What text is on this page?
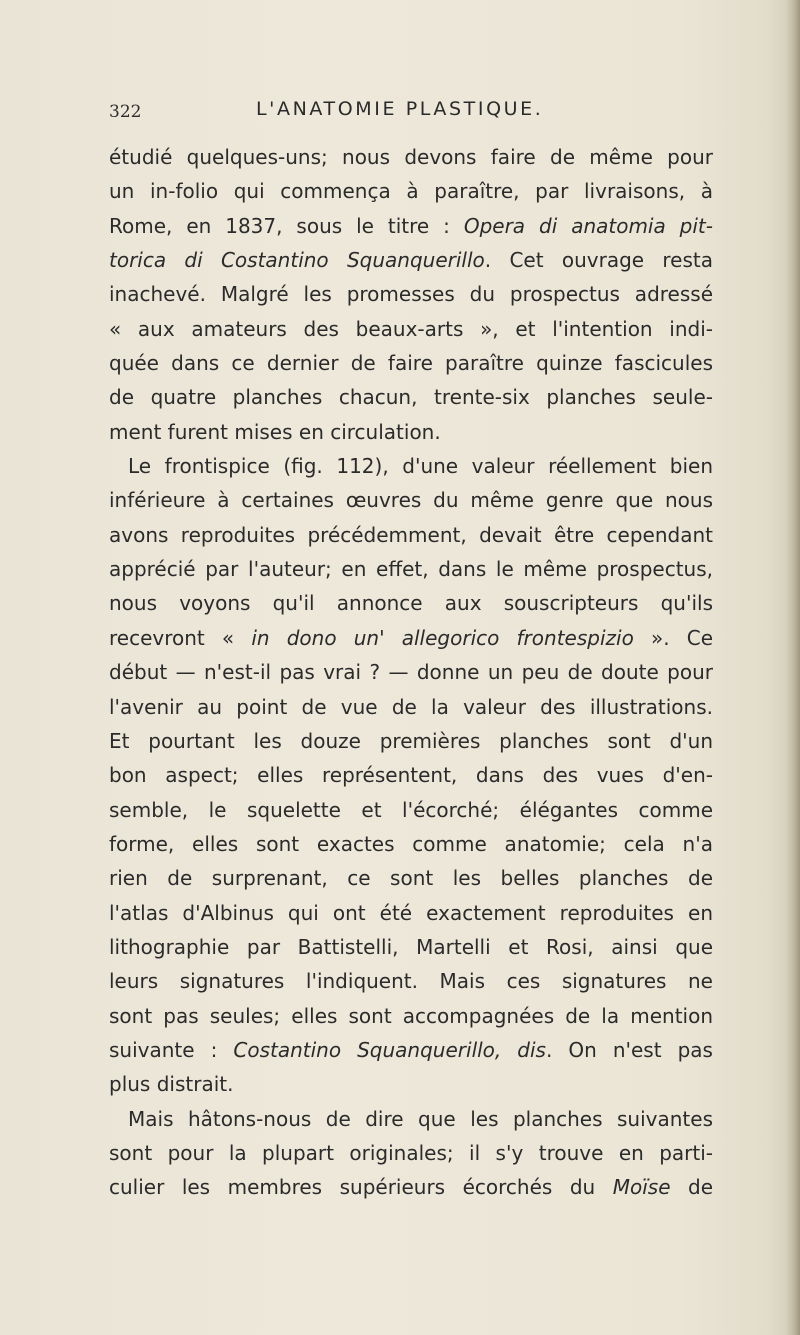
322	L'ANATOMIE PLASTIQUE.
étudié quelques-uns; nous devons faire de même pour
un in-folio qui commença à paraître, par livraisons, à
Rome, en 1837, sous le titre : Opera di anatomia pit-
torica di Costantino Squanquerillo. Cet ouvrage resta
inachevé. Malgré les promesses du prospectus adressé
« aux amateurs des beaux-arts », et l'intention indi-
quée dans ce dernier de faire paraître quinze fascicules
de quatre planches chacun, trente-six planches seule-
ment furent mises en circulation.
Le frontispice (fig. 112), d'une valeur réellement bien
inférieure à certaines œuvres du même genre que nous
avons reproduites précédemment, devait être cependant
apprécié par l'auteur; en effet, dans le même prospectus,
nous voyons qu'il annonce aux souscripteurs qu'ils
recevront « in dono un' allegorico frontespizio ». Ce
début — n'est-il pas vrai ? — donne un peu de doute pour
l'avenir au point de vue de la valeur des illustrations.
Et pourtant les douze premières planches sont d'un
bon aspect; elles représentent, dans des vues d'en-
semble, le squelette et l'écorché; élégantes comme
forme, elles sont exactes comme anatomie; cela n'a
rien de surprenant, ce sont les belles planches de
l'atlas d'Albinus qui ont été exactement reproduites en
lithographie par Battistelli, Martelli et Rosi, ainsi que
leurs signatures l'indiquent. Mais ces signatures ne
sont pas seules; elles sont accompagnées de la mention
suivante : Costantino Squanquerillo, dis. On n'est pas
plus distrait.
Mais hâtons-nous de dire que les planches suivantes
sont pour la plupart originales; il s'y trouve en parti-
culier les membres supérieurs écorchés du Moïse de
